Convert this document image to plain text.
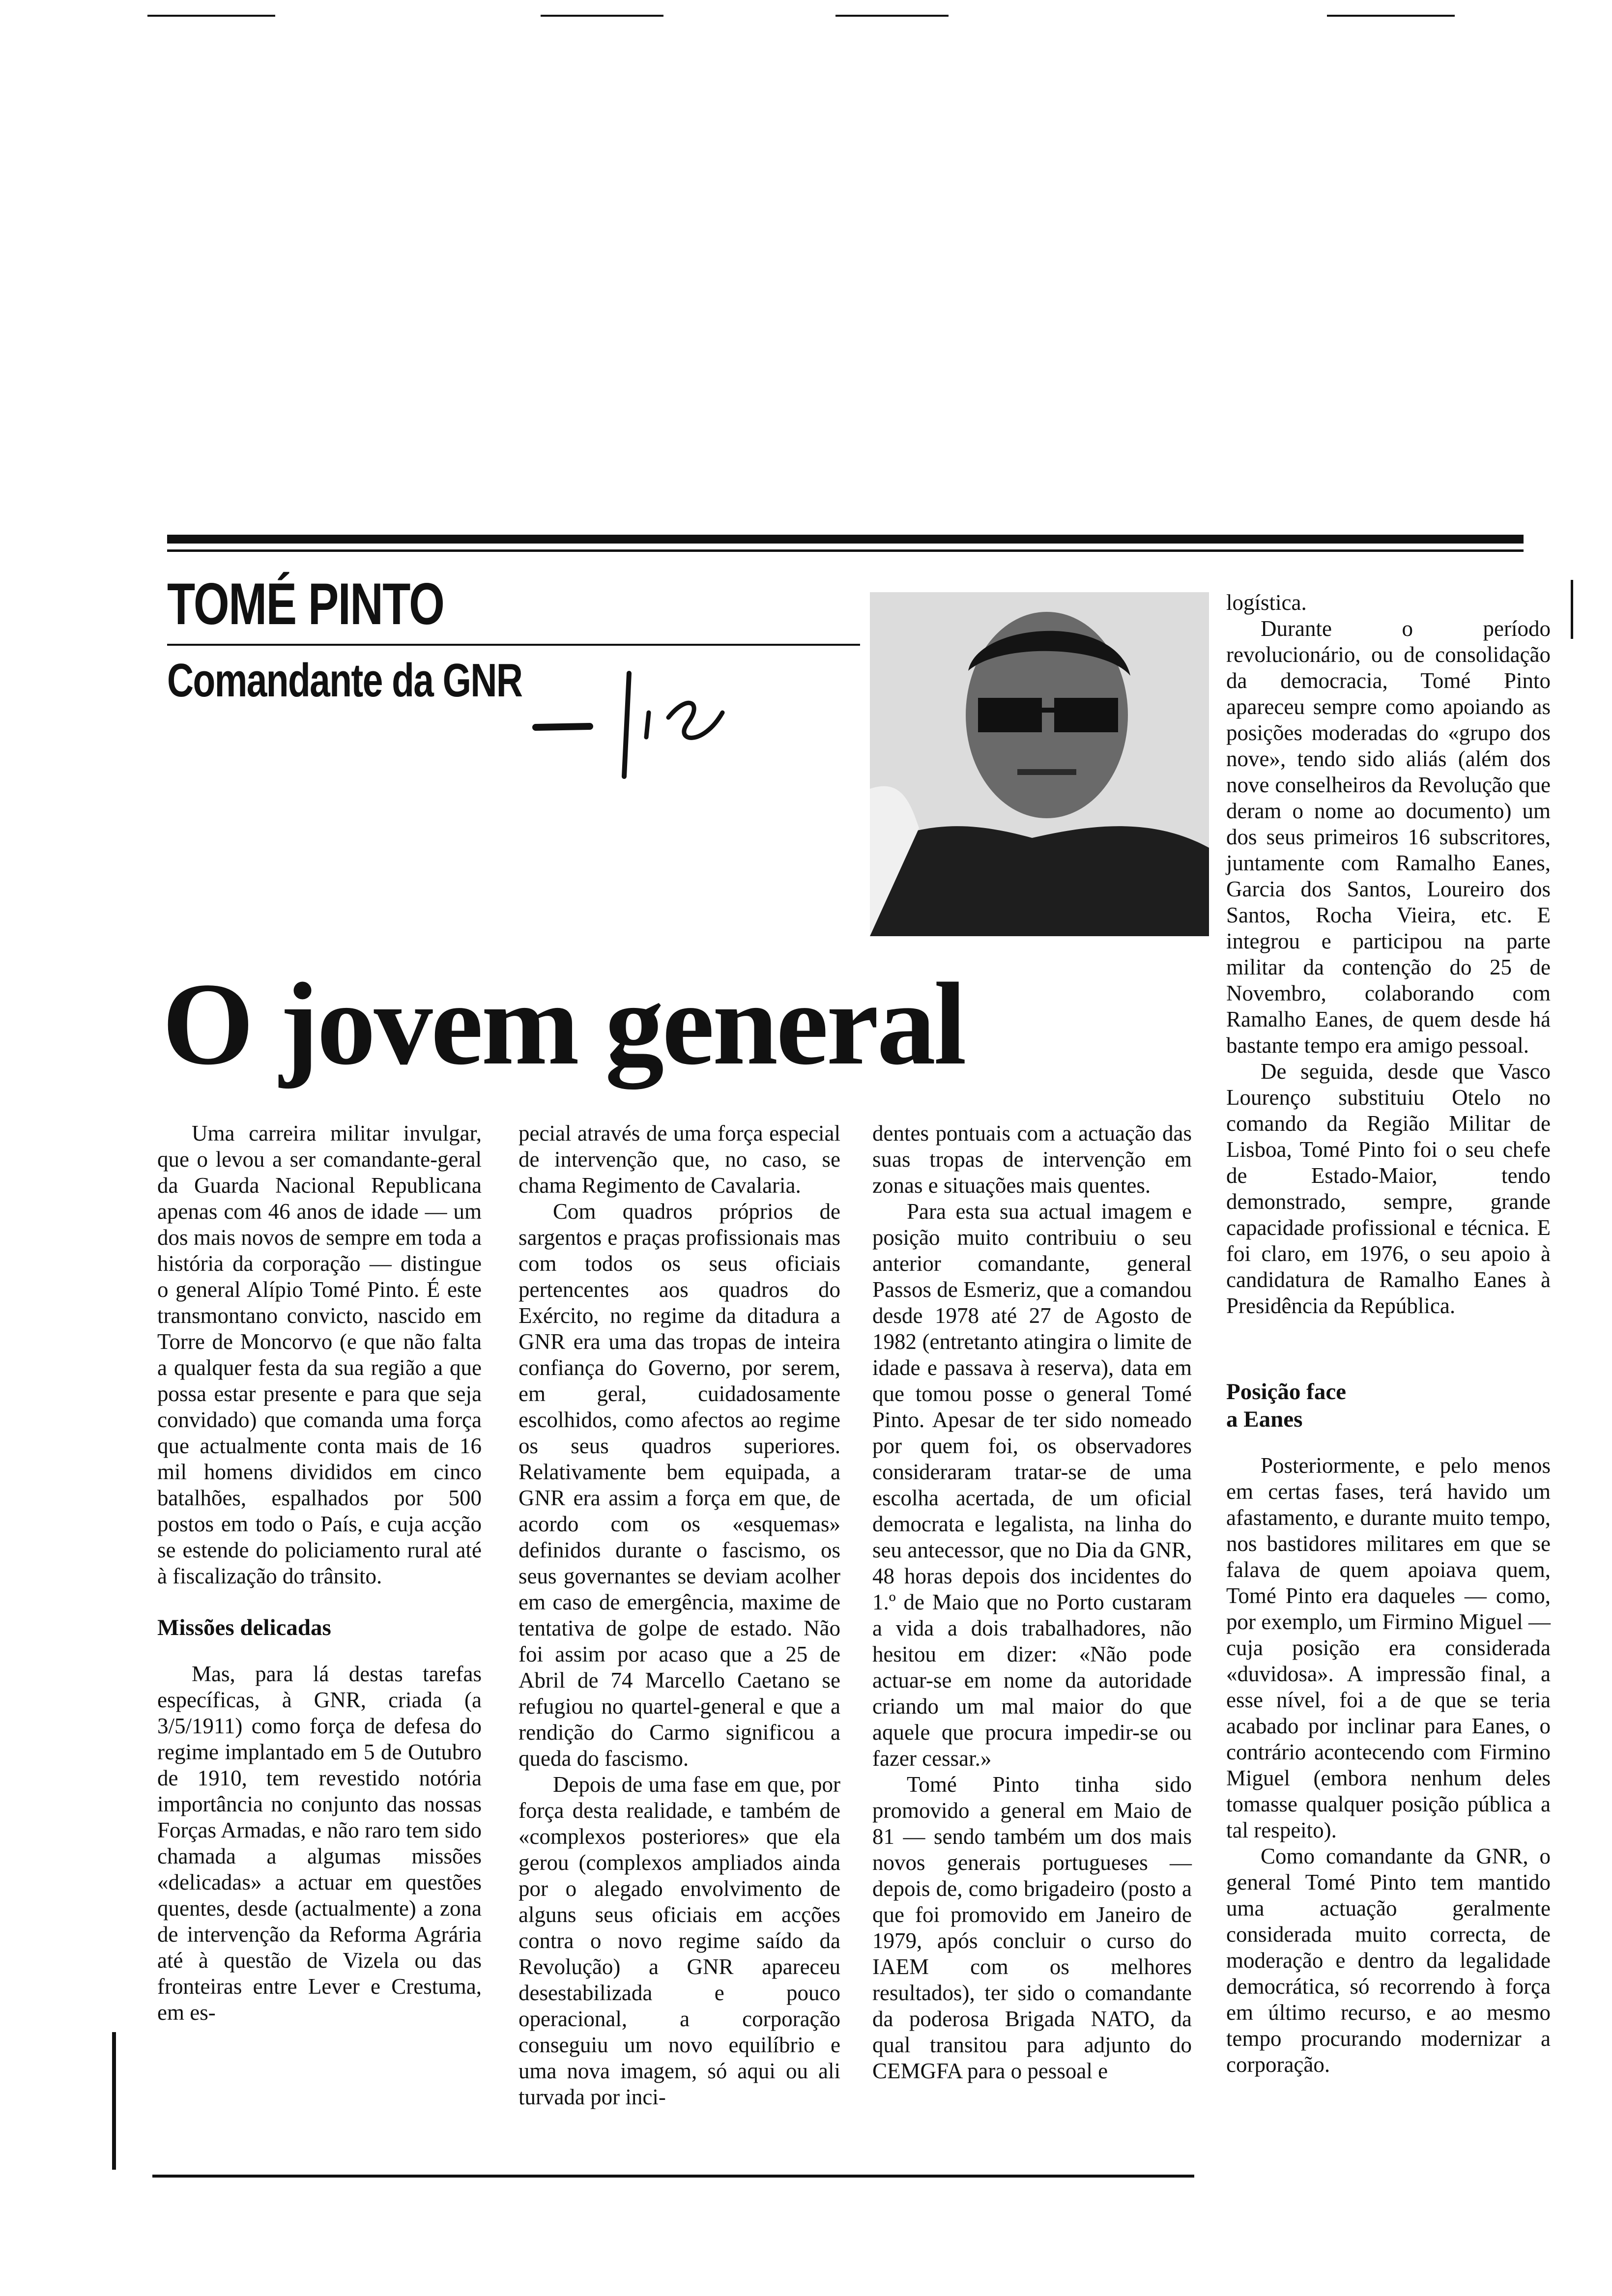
TOMÉ PINTO
Comandante da GNR
O jovem general

Uma carreira militar invulgar, que o levou a ser comandante-geral da Guarda Nacional Republicana apenas com 46 anos de idade — um dos mais novos de sempre em toda a história da corporação — distingue o general Alípio Tomé Pinto. É este transmontano convicto, nascido em Torre de Moncorvo (e que não falta a qualquer festa da sua região a que possa estar presente e para que seja convidado) que comanda uma força que actualmente conta mais de 16 mil homens divididos em cinco batalhões, espalhados por 500 postos em todo o País, e cuja acção se estende do policiamento rural até à fiscalização do trânsito.

Missões delicadas

Mas, para lá destas tarefas específicas, à GNR, criada (a 3/5/1911) como força de defesa do regime implantado em 5 de Outubro de 1910, tem revestido notória importância no conjunto das nossas Forças Armadas, e não raro tem sido chamada a algumas missões «delicadas» a actuar em questões quentes, desde (actualmente) a zona de intervenção da Reforma Agrária até à questão de Vizela ou das fronteiras entre Lever e Crestuma, em es-

pecial através de uma força especial de intervenção que, no caso, se chama Regimento de Cavalaria.

Com quadros próprios de sargentos e praças profissionais mas com todos os seus oficiais pertencentes aos quadros do Exército, no regime da ditadura a GNR era uma das tropas de inteira confiança do Governo, por serem, em geral, cuidadosamente escolhidos, como afectos ao regime os seus quadros superiores. Relativamente bem equipada, a GNR era assim a força em que, de acordo com os «esquemas» definidos durante o fascismo, os seus governantes se deviam acolher em caso de emergência, maxime de tentativa de golpe de estado. Não foi assim por acaso que a 25 de Abril de 74 Marcello Caetano se refugiou no quartel-general e que a rendição do Carmo significou a queda do fascismo.

Depois de uma fase em que, por força desta realidade, e também de «complexos posteriores» que ela gerou (complexos ampliados ainda por o alegado envolvimento de alguns seus oficiais em acções contra o novo regime saído da Revolução) a GNR apareceu desestabilizada e pouco operacional, a corporação conseguiu um novo equilíbrio e uma nova imagem, só aqui ou ali turvada por inci-

dentes pontuais com a actuação das suas tropas de intervenção em zonas e situações mais quentes.

Para esta sua actual imagem e posição muito contribuiu o seu anterior comandante, general Passos de Esmeriz, que a comandou desde 1978 até 27 de Agosto de 1982 (entretanto atingira o limite de idade e passava à reserva), data em que tomou posse o general Tomé Pinto. Apesar de ter sido nomeado por quem foi, os observadores consideraram tratar-se de uma escolha acertada, de um oficial democrata e legalista, na linha do seu antecessor, que no Dia da GNR, 48 horas depois dos incidentes do 1.º de Maio que no Porto custaram a vida a dois trabalhadores, não hesitou em dizer: «Não pode actuar-se em nome da autoridade criando um mal maior do que aquele que procura impedir-se ou fazer cessar.»

Tomé Pinto tinha sido promovido a general em Maio de 81 — sendo também um dos mais novos generais portugueses — depois de, como brigadeiro (posto a que foi promovido em Janeiro de 1979, após concluir o curso do IAEM com os melhores resultados), ter sido o comandante da poderosa Brigada NATO, da qual transitou para adjunto do CEMGFA para o pessoal e

logística.

Durante o período revolucionário, ou de consolidação da democracia, Tomé Pinto apareceu sempre como apoiando as posições moderadas do «grupo dos nove», tendo sido aliás (além dos nove conselheiros da Revolução que deram o nome ao documento) um dos seus primeiros 16 subscritores, juntamente com Ramalho Eanes, Garcia dos Santos, Loureiro dos Santos, Rocha Vieira, etc. E integrou e participou na parte militar da contenção do 25 de Novembro, colaborando com Ramalho Eanes, de quem desde há bastante tempo era amigo pessoal.

De seguida, desde que Vasco Lourenço substituiu Otelo no comando da Região Militar de Lisboa, Tomé Pinto foi o seu chefe de Estado-Maior, tendo demonstrado, sempre, grande capacidade profissional e técnica. E foi claro, em 1976, o seu apoio à candidatura de Ramalho Eanes à Presidência da República.

Posição face

a Eanes

Posteriormente, e pelo menos em certas fases, terá havido um afastamento, e durante muito tempo, nos bastidores militares em que se falava de quem apoiava quem, Tomé Pinto era daqueles — como, por exemplo, um Firmino Miguel — cuja posição era considerada «duvidosa». A impressão final, a esse nível, foi a de que se teria acabado por inclinar para Eanes, o contrário acontecendo com Firmino Miguel (embora nenhum deles tomasse qualquer posição pública a tal respeito).

Como comandante da GNR, o general Tomé Pinto tem mantido uma actuação geralmente considerada muito correcta, de moderação e dentro da legalidade democrática, só recorrendo à força em último recurso, e ao mesmo tempo procurando modernizar a corporação.
